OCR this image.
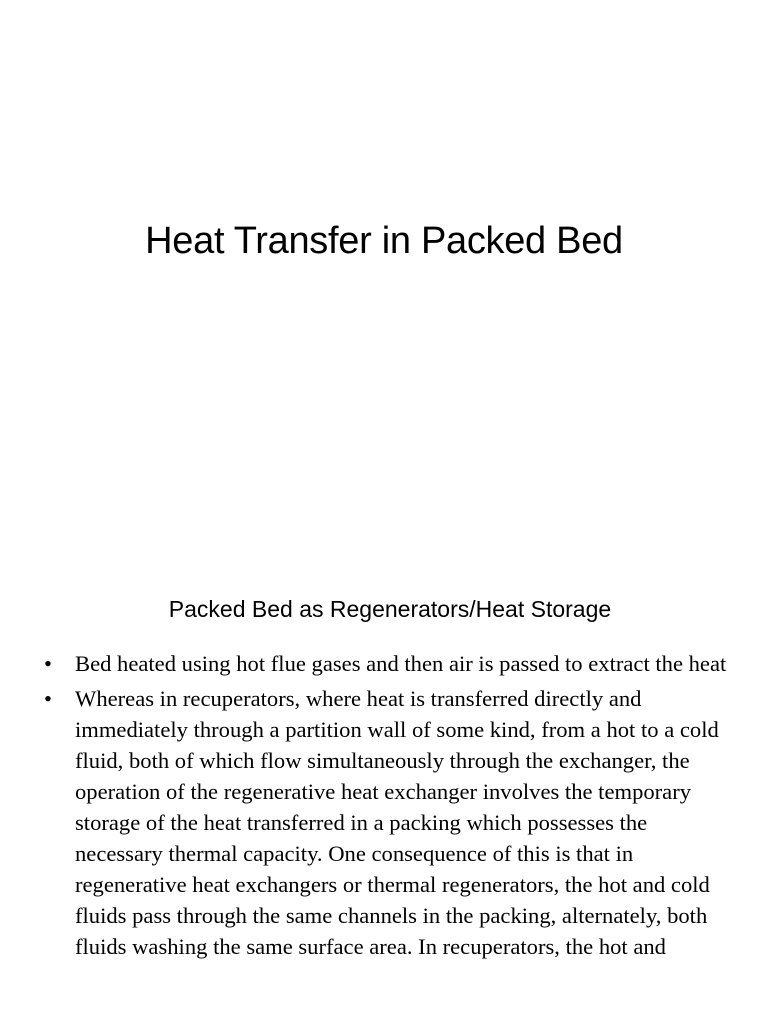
Heat Transfer in Packed Bed
Packed Bed as Regenerators/Heat Storage
• Bed heated using hot flue gases and then air is passed to extract the heat
• Whereas in recuperators, where heat is transferred directly and immediately through a partition wall of some kind, from a hot to a cold fluid, both of which flow simultaneously through the exchanger, the operation of the regenerative heat exchanger involves the temporary storage of the heat transferred in a packing which possesses the necessary thermal capacity. One consequence of this is that in regenerative heat exchangers or thermal regenerators, the hot and cold fluids pass through the same channels in the packing, alternately, both fluids washing the same surface area. In recuperators, the hot and
